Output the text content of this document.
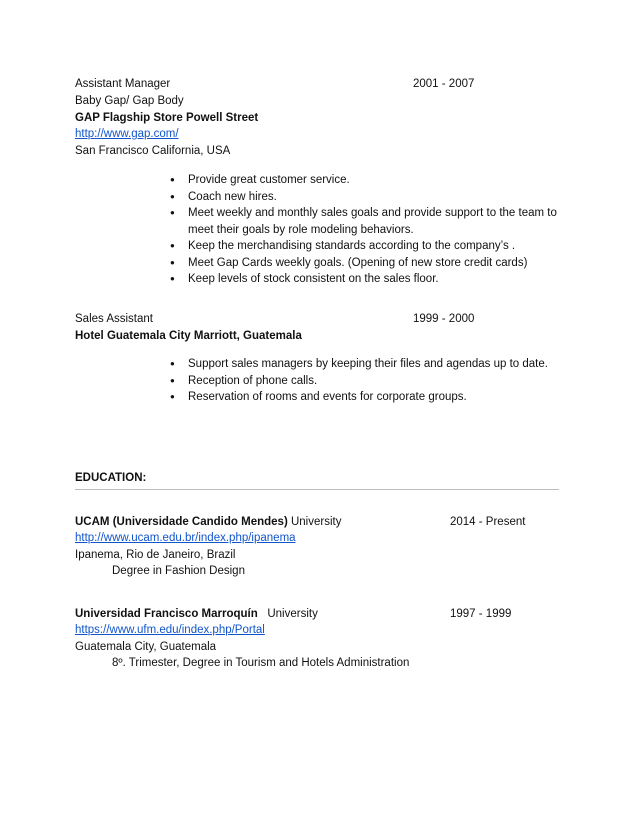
Assistant Manager	2001 - 2007
Baby Gap/ Gap Body
GAP Flagship Store Powell Street
http://www.gap.com/
San Francisco California, USA
● Provide great customer service.
● Coach new hires.
● Meet weekly and monthly sales goals and provide support to the team to meet their goals by role modeling behaviors.
● Keep the merchandising standards according to the company’s .
● Meet Gap Cards weekly goals. (Opening of new store credit cards)
● Keep levels of stock consistent on the sales floor.
Sales Assistant	1999 - 2000
Hotel Guatemala City Marriott, Guatemala
● Support sales managers by keeping their files and agendas up to date.
● Reception of phone calls.
● Reservation of rooms and events for corporate groups.
EDUCATION:
UCAM (Universidade Candido Mendes) University	2014 - Present
http://www.ucam.edu.br/index.php/ipanema
Ipanema, Rio de Janeiro, Brazil
Degree in Fashion Design
Universidad Francisco Marroquín   University	1997 - 1999
https://www.ufm.edu/index.php/Portal
Guatemala City, Guatemala
8º. Trimester, Degree in Tourism and Hotels Administration
